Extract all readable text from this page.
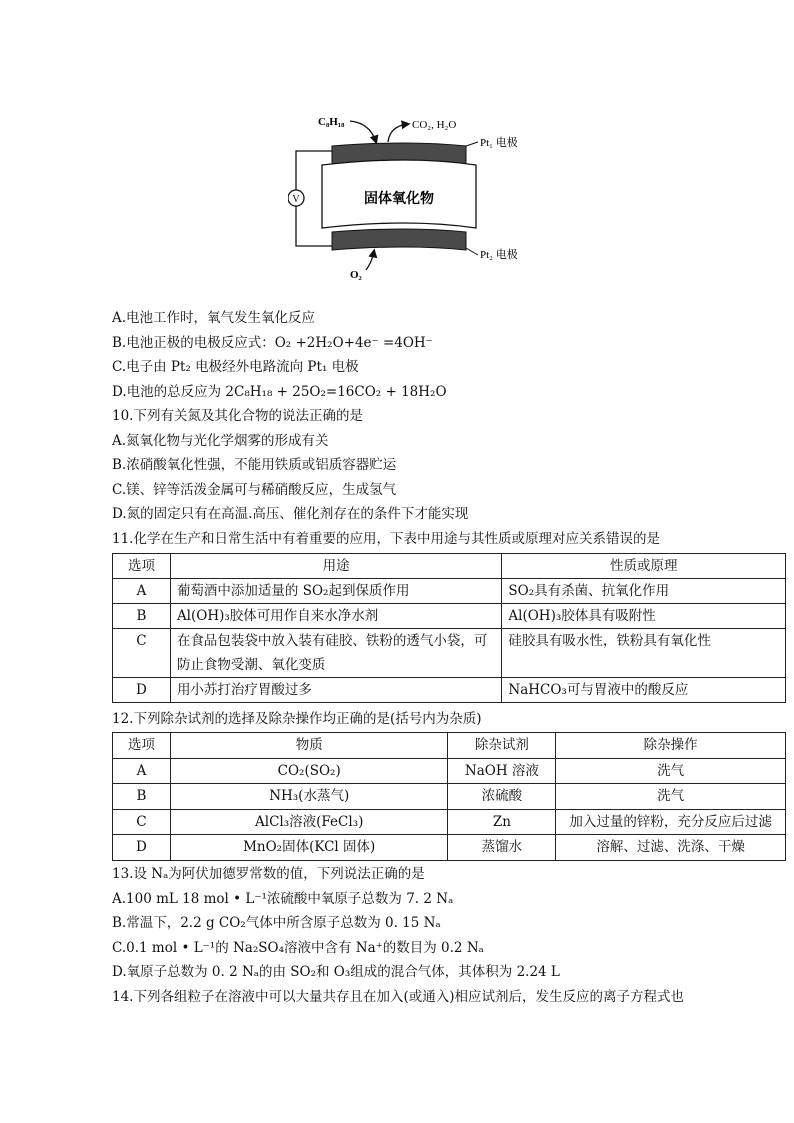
V	固体氧化物
C₈H₁₈	CO₂, H₂O
Pt₁ 电极
Pt₂ 电极
O₂
A.电池工作时，氧气发生氧化反应
B.电池正极的电极反应式：O₂ +2H₂O+4e⁻ =4OH⁻
C.电子由 Pt₂ 电极经外电路流向 Pt₁ 电极
D.电池的总反应为 2C₈H₁₈ + 25O₂=16CO₂ + 18H₂O
10.下列有关氮及其化合物的说法正确的是
A.氮氧化物与光化学烟雾的形成有关
B.浓硝酸氧化性强，不能用铁质或铝质容器贮运
C.镁、锌等活泼金属可与稀硝酸反应，生成氢气
D.氮的固定只有在高温.高压、催化剂存在的条件下才能实现
11.化学在生产和日常生活中有着重要的应用，下表中用途与其性质或原理对应关系错误的是
选项	用途	性质或原理
A	葡萄酒中添加适量的 SO₂起到保质作用	SO₂具有杀菌、抗氧化作用
B	Al(OH)₃胶体可用作自来水净水剂	Al(OH)₃胶体具有吸附性
C	在食品包装袋中放入装有硅胶、铁粉的透气小袋，可防止食物受潮、氧化变质	硅胶具有吸水性，铁粉具有氧化性
D	用小苏打治疗胃酸过多	NaHCO₃可与胃液中的酸反应
12.下列除杂试剂的选择及除杂操作均正确的是(括号内为杂质)
选项	物质	除杂试剂	除杂操作
A	CO₂(SO₂)	NaOH 溶液	洗气
B	NH₃(水蒸气)	浓硫酸	洗气
C	AlCl₃溶液(FeCl₃)	Zn	加入过量的锌粉，充分反应后过滤
D	MnO₂固体(KCl 固体)	蒸馏水	溶解、过滤、洗涤、干燥
13.设 Nₐ为阿伏加德罗常数的值，下列说法正确的是
A.100 mL 18 mol • L⁻¹浓硫酸中氧原子总数为 7. 2 Nₐ
B.常温下，2.2 g CO₂气体中所含原子总数为 0. 15 Nₐ
C.0.1 mol • L⁻¹的 Na₂SO₄溶液中含有 Na⁺的数目为 0.2 Nₐ
D.氧原子总数为 0. 2 Nₐ的由 SO₂和 O₃组成的混合气体，其体积为 2.24 L
14.下列各组粒子在溶液中可以大量共存且在加入(或通入)相应试剂后，发生反应的离子方程式也
